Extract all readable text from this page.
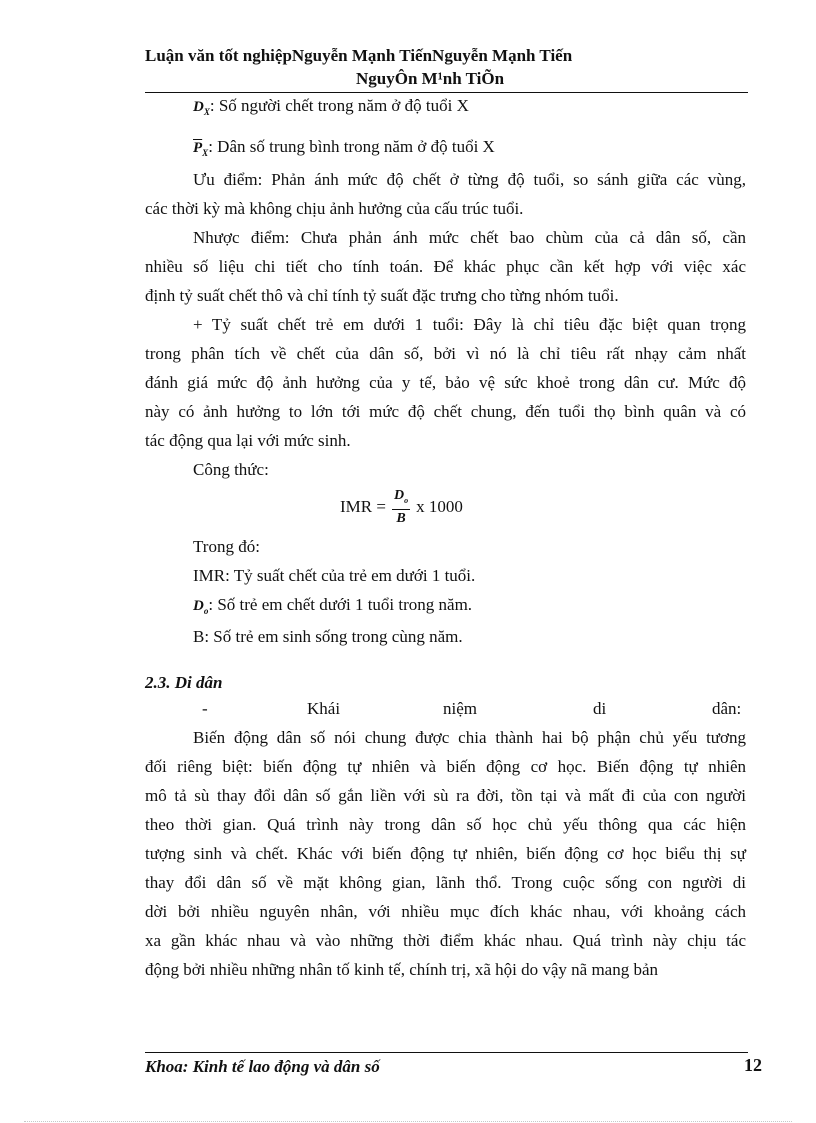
Luận văn tốt nghiệpNguyễn Mạnh TiếnNguyễn Mạnh Tiến
NguyÔn M¹nh TiÕn
$D_X$: Số người chết trong năm ở độ tuổi X
$\overline{P}_X$: Dân số trung bình trong năm ở độ tuổi X
Ưu điểm: Phản ánh mức độ chết ở từng độ tuổi, so sánh giữa các vùng,
các thời kỳ mà không chịu ảnh hưởng của cấu trúc tuổi.
Nhược điểm: Chưa phản ánh mức chết bao chùm của cả dân số, cần
nhiều số liệu chi tiết cho tính toán. Để khác phục cần kết hợp với việc xác
định tỷ suất chết thô và chỉ tính tỷ suất đặc trưng cho từng nhóm tuổi.
+ Tỷ suất chết trẻ em dưới 1 tuổi: Đây là chỉ tiêu đặc biệt quan trọng
trong phân tích về chết của dân số, bởi vì nó là chỉ tiêu rất nhạy cảm nhất
đánh giá mức độ ảnh hưởng của y tế, bảo vệ sức khoẻ trong dân cư. Mức độ
này có ảnh hưởng to lớn tới mức độ chết chung, đến tuổi thọ bình quân và có
tác động qua lại với mức sinh.
Công thức:
IMR = $\frac{D_o}{B}$ x 1000
Trong đó:
IMR: Tỷ suất chết của trẻ em dưới 1 tuổi.
$D_o$: Số trẻ em chết dưới 1 tuổi trong năm.
B: Số trẻ em sinh sống trong cùng năm.
2.3. Di dân
-	Khái	niệm	di	dân:
Biến động dân số nói chung được chia thành hai bộ phận chủ yếu tương
đối riêng biệt: biến động tự nhiên và biến động cơ học. Biến động tự nhiên
mô tả sù thay đổi dân số gắn liền với sù ra đời, tồn tại và mất đi của con người
theo thời gian. Quá trình này trong dân số học chủ yếu thông qua các hiện
tượng sinh và chết. Khác với biến động tự nhiên, biến động cơ học biểu thị sự
thay đổi dân số về mặt không gian, lãnh thổ. Trong cuộc sống con người di
dời bởi nhiều nguyên nhân, với nhiều mục đích khác nhau, với khoảng cách
xa gần khác nhau và vào những thời điểm khác nhau. Quá trình này chịu tác
động bởi nhiều những nhân tố kinh tế, chính trị, xã hội do vậy nã mang bản
Khoa: Kinh tế lao động và dân số	12
